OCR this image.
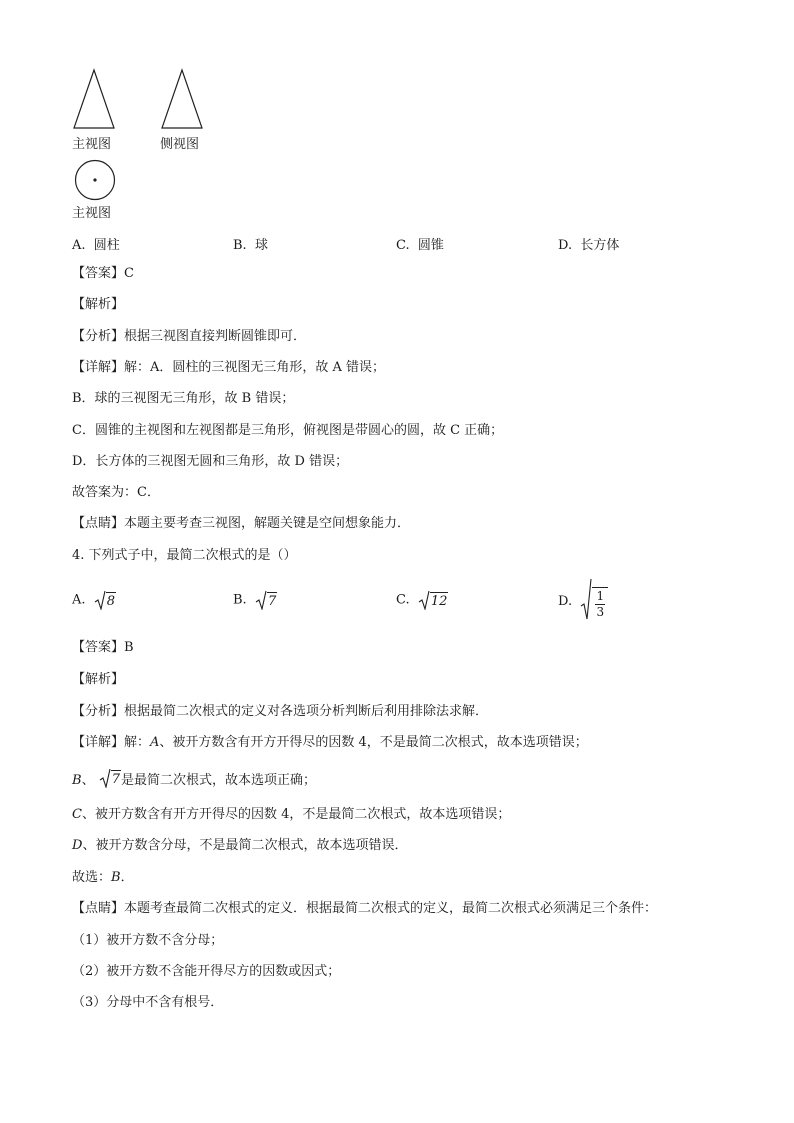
主视图	侧视图
主视图
A. 圆柱	B. 球	C. 圆锥	D. 长方体
【答案】C
【解析】
【分析】根据三视图直接判断圆锥即可．
【详解】解：A．圆柱的三视图无三角形，故 A 错误；
B．球的三视图无三角形，故 B 错误；
C．圆锥的主视图和左视图都是三角形，俯视图是带圆心的圆，故 C 正确；
D．长方体的三视图无圆和三角形，故 D 错误；
故答案为：C．
【点睛】本题主要考查三视图，解题关键是空间想象能力．
4. 下列式子中，最简二次根式的是（）
A. 8	B. 7	C. 12	D. 1
3
【答案】B
【解析】
【分析】根据最简二次根式的定义对各选项分析判断后利用排除法求解．
【详解】解：A、被开方数含有开方开得尽的因数 4，不是最简二次根式，故本选项错误；
B、 7 是最简二次根式，故本选项正确；
C、被开方数含有开方开得尽的因数 4，不是最简二次根式，故本选项错误；
D、被开方数含分母，不是最简二次根式，故本选项错误．
故选：B．
【点睛】本题考查最简二次根式的定义．根据最简二次根式的定义，最简二次根式必须满足三个条件：
（1）被开方数不含分母；
（2）被开方数不含能开得尽方的因数或因式；
（3）分母中不含有根号．
